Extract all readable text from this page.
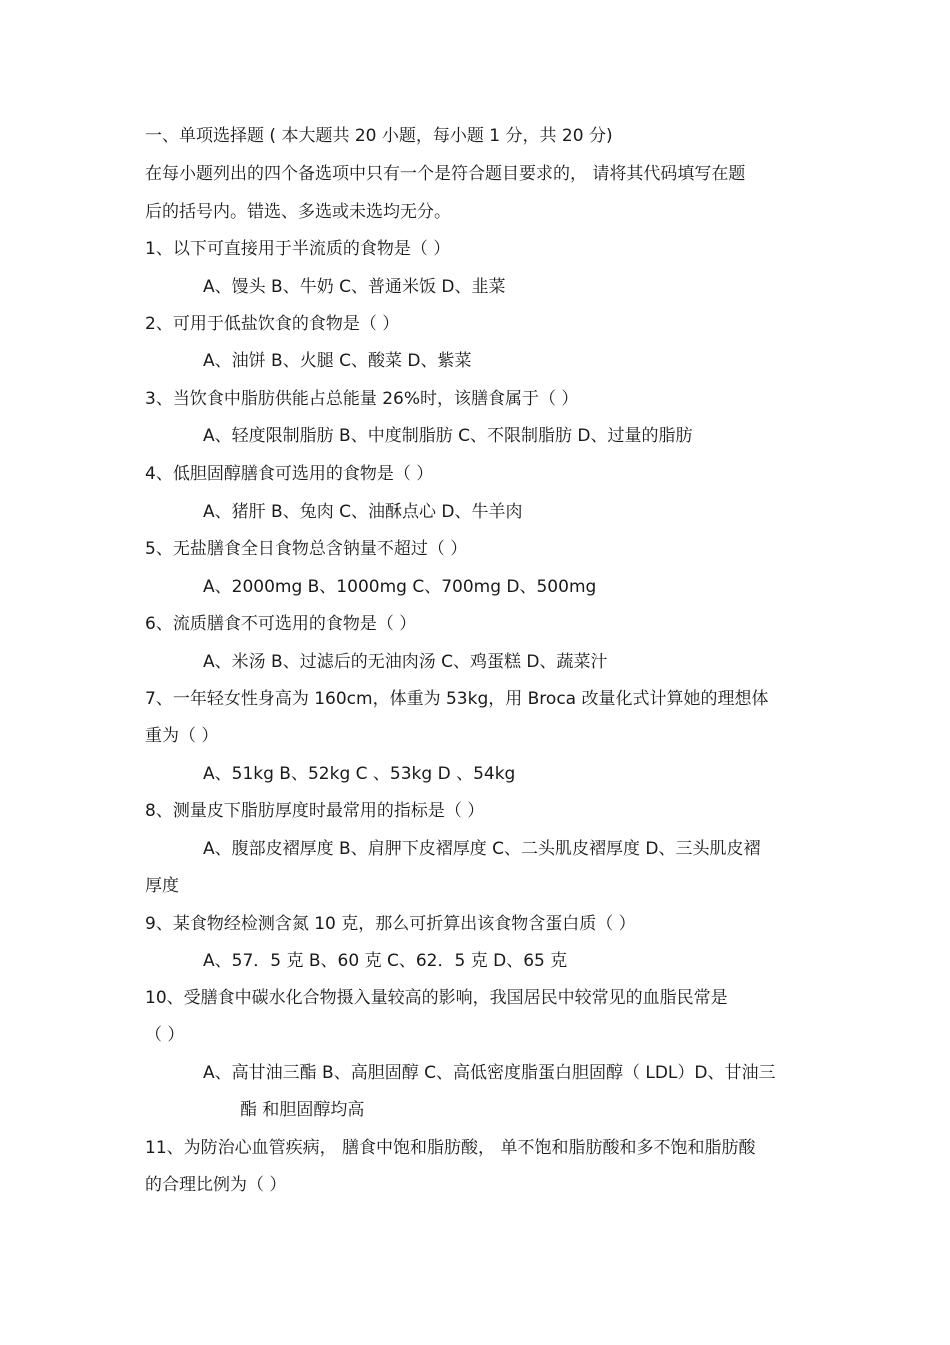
一、单项选择题 ( 本大题共 20 小题，每小题 1 分，共 20 分)
在每小题列出的四个备选项中只有一个是符合题目要求的， 请将其代码填写在题
后的括号内。错选、多选或未选均无分。
1、以下可直接用于半流质的食物是（ ）
A、馒头 B、牛奶 C、普通米饭 D、韭菜
2、可用于低盐饮食的食物是（ ）
A、油饼 B、火腿 C、酸菜 D、紫菜
3、当饮食中脂肪供能占总能量 26%时，该膳食属于（ ）
A、轻度限制脂肪 B、中度制脂肪 C、不限制脂肪 D、过量的脂肪
4、低胆固醇膳食可选用的食物是（ ）
A、猪肝 B、兔肉 C、油酥点心 D、牛羊肉
5、无盐膳食全日食物总含钠量不超过（ ）
A、2000mg B、1000mg C、700mg D、500mg
6、流质膳食不可选用的食物是（ ）
A、米汤 B、过滤后的无油肉汤 C、鸡蛋糕 D、蔬菜汁
7、一年轻女性身高为 160cm，体重为 53kg，用 Broca 改量化式计算她的理想体
重为（ ）
A、51kg B、52kg C 、53kg D 、54kg
8、测量皮下脂肪厚度时最常用的指标是（ ）
A、腹部皮褶厚度 B、肩胛下皮褶厚度 C、二头肌皮褶厚度 D、三头肌皮褶
厚度
9、某食物经检测含氮 10 克，那么可折算出该食物含蛋白质（ ）
A、57．5 克 B、60 克 C、62．5 克 D、65 克
10、受膳食中碳水化合物摄入量较高的影响，我国居民中较常见的血脂民常是
（ ）
A、高甘油三酯 B、高胆固醇 C、高低密度脂蛋白胆固醇（ LDL）D、甘油三
酯 和胆固醇均高
11、为防治心血管疾病， 膳食中饱和脂肪酸， 单不饱和脂肪酸和多不饱和脂肪酸
的合理比例为（ ）
